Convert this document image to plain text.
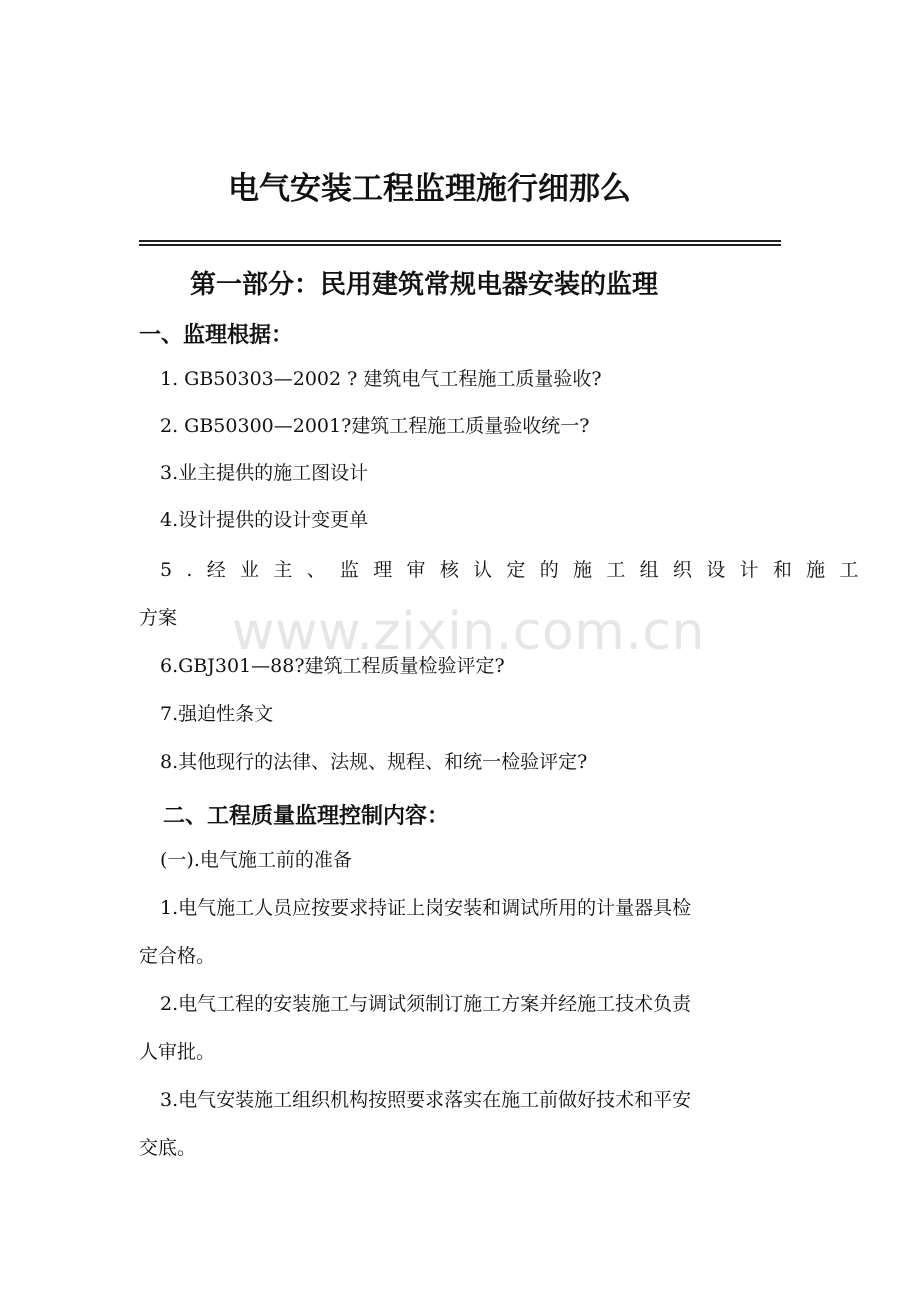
www.zixin.com.cn
电气安装工程监理施行细那么
第一部分：民用建筑常规电器安装的监理
一、监理根据：
1. GB50303—2002 ? 建筑电气工程施工质量验收?
2. GB50300—2001?建筑工程施工质量验收统一?
3.业主提供的施工图设计
4.设计提供的设计变更单
5.经业主、监理审核认定的施工组织设计和施工
方案
6.GBJ301—88?建筑工程质量检验评定?
7.强迫性条文
8.其他现行的法律、法规、规程、和统一检验评定?
二、工程质量监理控制内容：
(一).电气施工前的准备
1.电气施工人员应按要求持证上岗安装和调试所用的计量器具检
定合格。
2.电气工程的安装施工与调试须制订施工方案并经施工技术负责
人审批。
3.电气安装施工组织机构按照要求落实在施工前做好技术和平安
交底。
